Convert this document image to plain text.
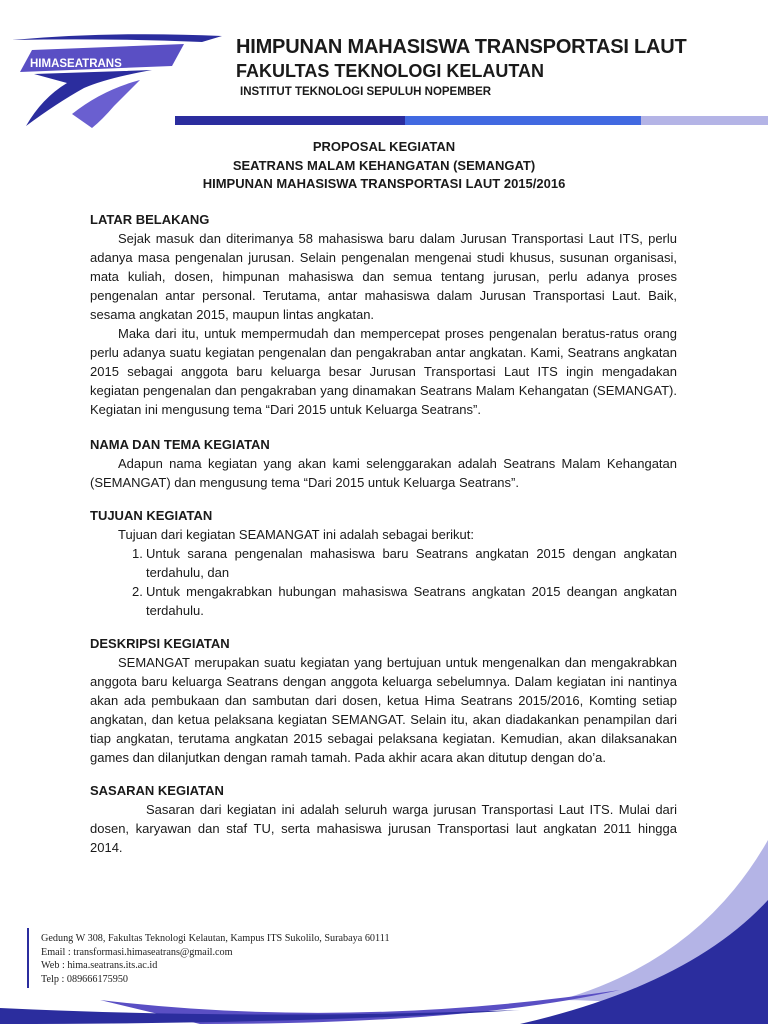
HIMASEATRANS
HIMPUNAN MAHASISWA TRANSPORTASI LAUT
FAKULTAS TEKNOLOGI KELAUTAN
INSTITUT TEKNOLOGI SEPULUH NOPEMBER
PROPOSAL KEGIATAN
SEATRANS MALAM KEHANGATAN (SEMANGAT)
HIMPUNAN MAHASISWA TRANSPORTASI LAUT 2015/2016

LATAR BELAKANG

Sejak masuk dan diterimanya 58 mahasiswa baru dalam Jurusan Transportasi Laut ITS, perlu adanya masa pengenalan jurusan. Selain pengenalan mengenai studi khusus, susunan organisasi, mata kuliah, dosen, himpunan mahasiswa dan semua tentang jurusan, perlu adanya proses pengenalan antar personal. Terutama, antar mahasiswa dalam Jurusan Transportasi Laut. Baik, sesama angkatan 2015, maupun lintas angkatan.

Maka dari itu, untuk mempermudah dan mempercepat proses pengenalan beratus-ratus orang perlu adanya suatu kegiatan pengenalan dan pengakraban antar angkatan. Kami, Seatrans angkatan 2015 sebagai anggota baru keluarga besar Jurusan Transportasi Laut ITS ingin mengadakan kegiatan pengenalan dan pengakraban yang dinamakan Seatrans Malam Kehangatan (SEMANGAT). Kegiatan ini mengusung tema “Dari 2015 untuk Keluarga Seatrans”.

NAMA DAN TEMA KEGIATAN

Adapun nama kegiatan yang akan kami selenggarakan adalah Seatrans Malam Kehangatan (SEMANGAT) dan mengusung tema “Dari 2015 untuk Keluarga Seatrans”.

TUJUAN KEGIATAN

Tujuan dari kegiatan SEAMANGAT ini adalah sebagai berikut:

1. Untuk sarana pengenalan mahasiswa baru Seatrans angkatan 2015 dengan angkatan terdahulu, dan
2. Untuk mengakrabkan hubungan mahasiswa Seatrans angkatan 2015 deangan angkatan terdahulu.

DESKRIPSI KEGIATAN

SEMANGAT merupakan suatu kegiatan yang bertujuan untuk mengenalkan dan mengakrabkan anggota baru keluarga Seatrans dengan anggota keluarga sebelumnya. Dalam kegiatan ini nantinya akan ada pembukaan dan sambutan dari dosen, ketua Hima Seatrans 2015/2016, Komting setiap angkatan, dan ketua pelaksana kegiatan SEMANGAT. Selain itu, akan diadakankan penampilan dari tiap angkatan, terutama angkatan 2015 sebagai pelaksana kegiatan. Kemudian, akan dilaksanakan games dan dilanjutkan dengan ramah tamah. Pada akhir acara akan ditutup dengan do’a.

SASARAN KEGIATAN

Sasaran dari kegiatan ini adalah seluruh warga jurusan Transportasi Laut ITS. Mulai dari dosen, karyawan dan staf TU, serta mahasiswa jurusan Transportasi laut angkatan 2011 hingga 2014.

Gedung W 308, Fakultas Teknologi Kelautan, Kampus ITS Sukolilo, Surabaya 60111
Email : transformasi.himaseatrans@gmail.com
Web : hima.seatrans.its.ac.id
Telp : 089666175950
